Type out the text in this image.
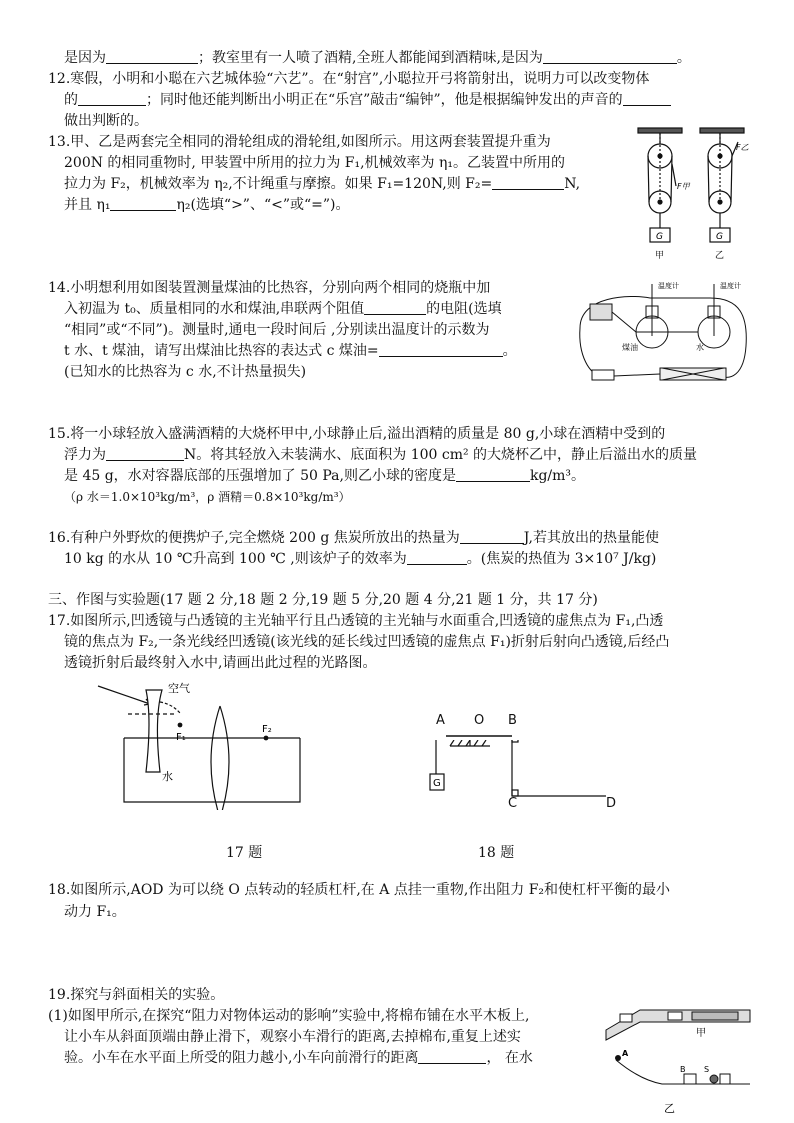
是因为	；教室里有一人喷了酒精,全班人都能闻到酒精味,是因为	。
12.寒假，小明和小聪在六艺城体验“六艺”。在“射宫”,小聪拉开弓将箭射出，说明力可以改变物体
的	；同时他还能判断出小明正在“乐宫”敲击“编钟”，他是根据编钟发出的声音的
做出判断的。
13.甲、乙是两套完全相同的滑轮组成的滑轮组,如图所示。用这两套装置提升重为
200N 的相同重物时, 甲装置中所用的拉力为 F₁,机械效率为 η₁。乙装置中所用的
拉力为 F₂，机械效率为 η₂,不计绳重与摩擦。如果 F₁=120N,则 F₂=	N,
并且 η₁	η₂(选填“>”、“<”或“=”)。
14.小明想利用如图装置测量煤油的比热容，分别向两个相同的烧瓶中加
入初温为 t₀、质量相同的水和煤油,串联两个阻值	的电阻(选填
“相同”或“不同”)。测量时,通电一段时间后 ,分别读出温度计的示数为
t 水、t 煤油，请写出煤油比热容的表达式 c 煤油=	。
(已知水的比热容为 c 水,不计热量损失)
15.将一小球轻放入盛满酒精的大烧杯甲中,小球静止后,溢出酒精的质量是 80 g,小球在酒精中受到的
浮力为	N。将其轻放入未装满水、底面积为 100 cm² 的大烧杯乙中，静止后溢出水的质量
是 45 g，水对容器底部的压强增加了 50 Pa,则乙小球的密度是	kg/m³。
（ρ 水＝1.0×10³kg/m³，ρ 酒精＝0.8×10³kg/m³）
16.有种户外野炊的便携炉子,完全燃烧 200 g 焦炭所放出的热量为	J,若其放出的热量能使
10 kg 的水从 10 ℃升高到 100 ℃ ,则该炉子的效率为	。(焦炭的热值为 3×10⁷ J/kg)
三、作图与实验题(17 题 2 分,18 题 2 分,19 题 5 分,20 题 4 分,21 题 1 分，共 17 分)
17.如图所示,凹透镜与凸透镜的主光轴平行且凸透镜的主光轴与水面重合,凹透镜的虚焦点为 F₁,凸透
镜的焦点为 F₂,一条光线经凹透镜(该光线的延长线过凹透镜的虚焦点 F₁)折射后射向凸透镜,后经凸
透镜折射后最终射入水中,请画出此过程的光路图。
18.如图所示,AOD 为可以绕 O 点转动的轻质杠杆,在 A 点挂一重物,作出阻力 F₂和使杠杆平衡的最小
动力 F₁。
19.探究与斜面相关的实验。
(1)如图甲所示,在探究“阻力对物体运动的影响”实验中,将棉布铺在水平木板上,
让小车从斜面顶端由静止滑下，观察小车滑行的距离,去掉棉布,重复上述实
验。小车在水平面上所受的阻力越小,小车向前滑行的距离	， 在水
F甲
F乙
G	G
甲	乙
温度计	温度计
煤油	水
空气
F₁
F₂
水
17 题
G
A O B
C	D
18 题
甲
A
B S
乙
